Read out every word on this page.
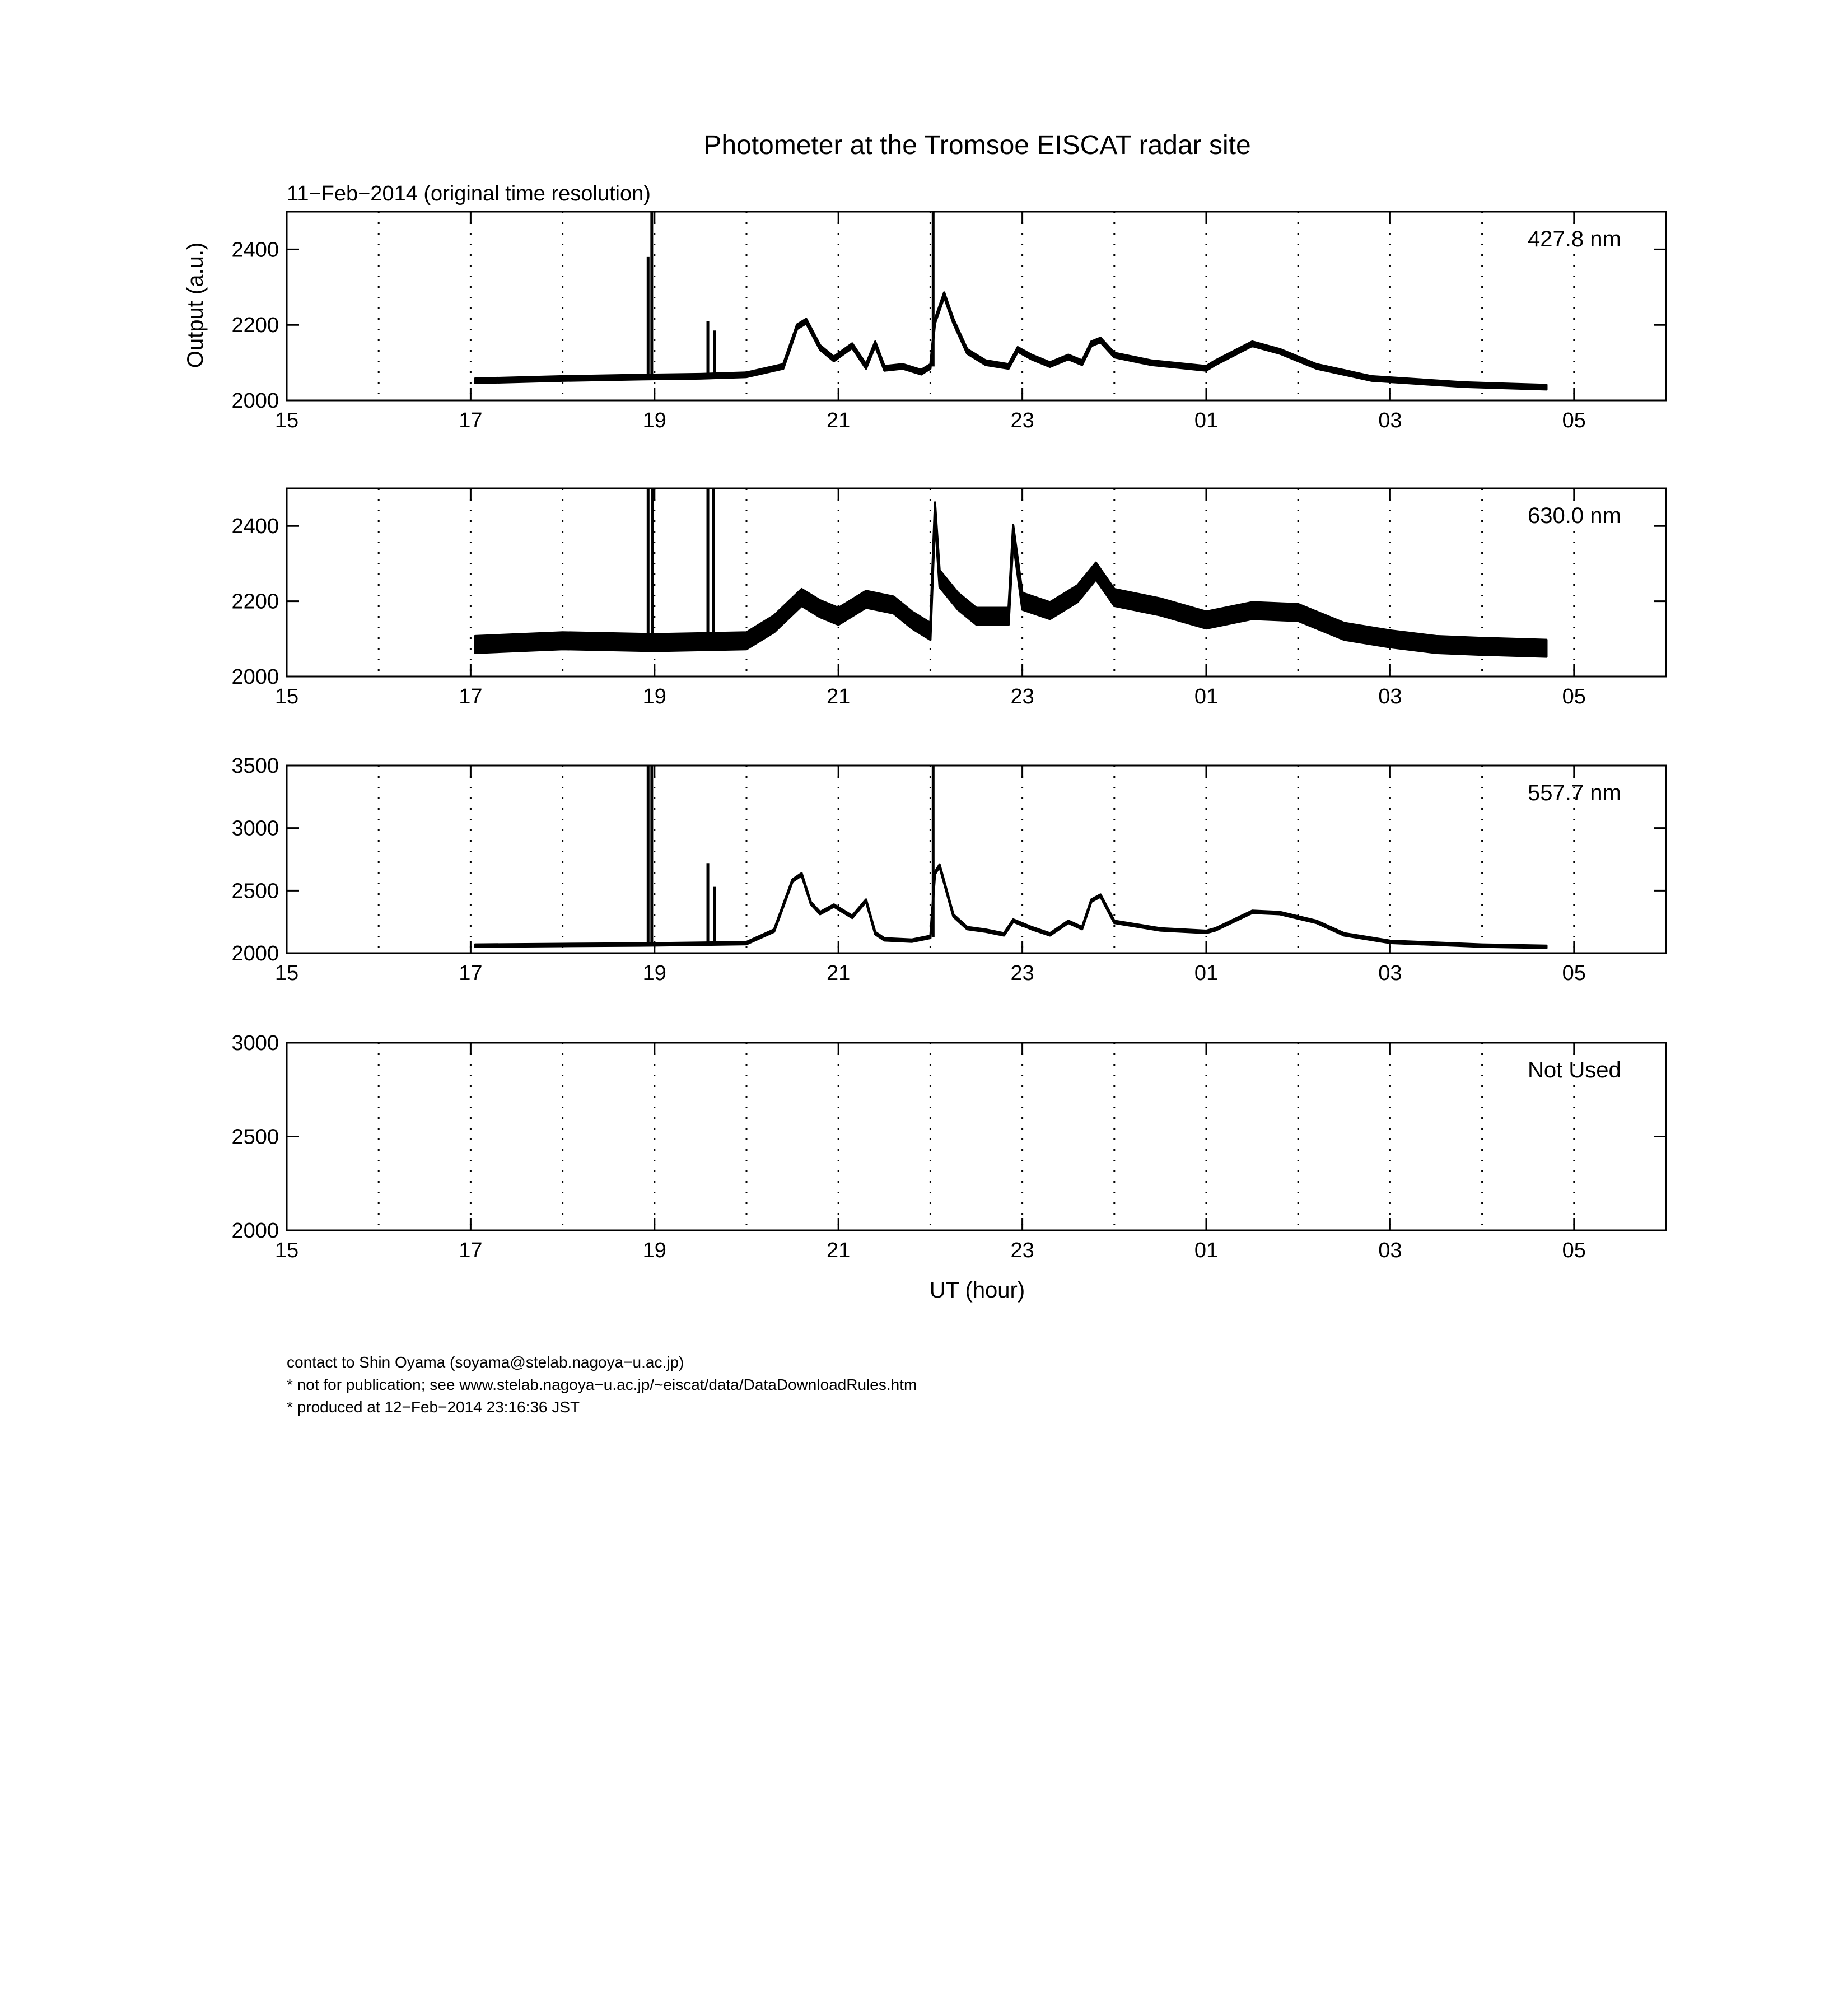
Photometer at the Tromsoe EISCAT radar site
11−Feb−2014 (original time resolution)
Output (a.u.)
UT (hour)
15	17	19	21	23	01	03	05
2000
2200
2400	427.8 nm
15	17	19	21	23	01	03	05
2000
2200
2400	630.0 nm
15	17	19	21	23	01	03	05
2000
2500
3000
3500
557.7 nm
15	17	19	21	23	01	03	05
2000
2500
3000
Not Used
contact to Shin Oyama (soyama@stelab.nagoya−u.ac.jp)
* not for publication; see www.stelab.nagoya−u.ac.jp/~eiscat/data/DataDownloadRules.htm
* produced at 12−Feb−2014 23:16:36 JST
